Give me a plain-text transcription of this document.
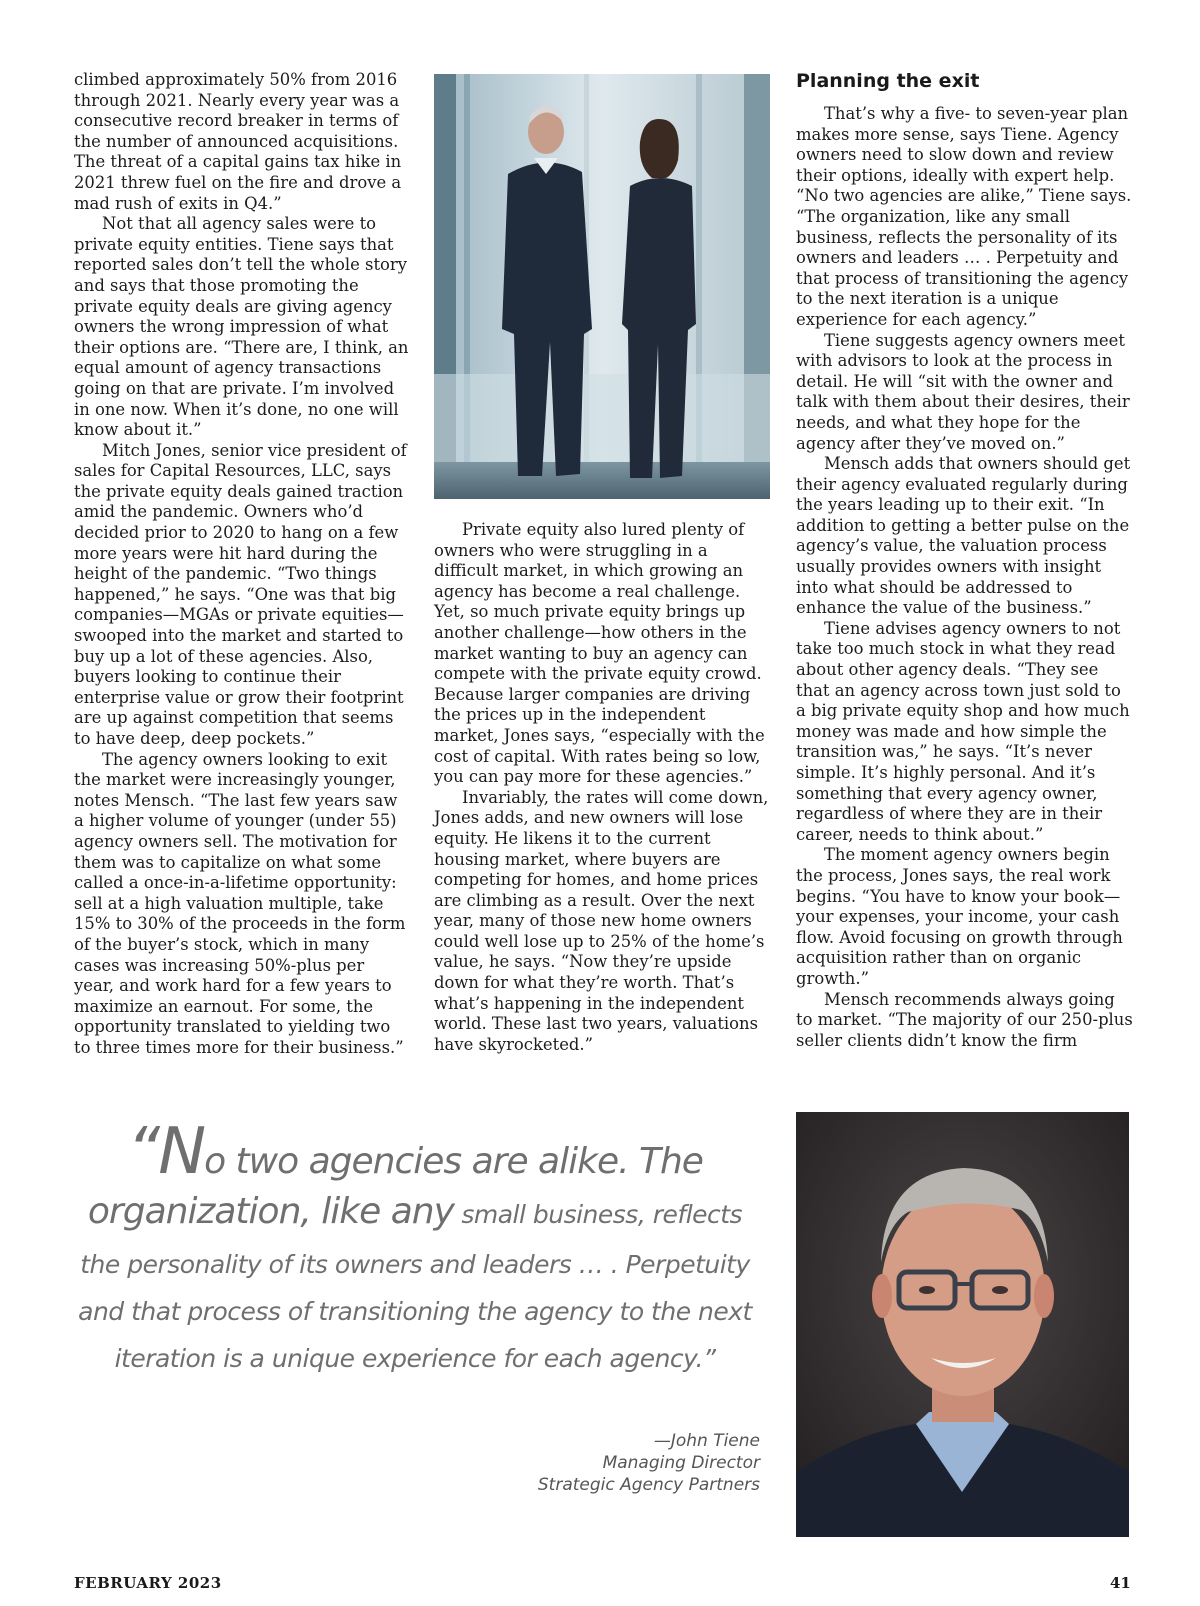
climbed approximately 50% from 2016 through 2021. Nearly every year was a consecutive record breaker in terms of the number of announced acquisitions. The threat of a capital gains tax hike in 2021 threw fuel on the fire and drove a mad rush of exits in Q4.”

Not that all agency sales were to private equity entities. Tiene says that reported sales don’t tell the whole story and says that those promoting the private equity deals are giving agency owners the wrong impression of what their options are. “There are, I think, an equal amount of agency transactions going on that are private. I’m involved in one now. When it’s done, no one will know about it.”

Mitch Jones, senior vice president of sales for Capital Resources, LLC, says the private equity deals gained traction amid the pandemic. Owners who’d decided prior to 2020 to hang on a few more years were hit hard during the height of the pandemic. “Two things happened,” he says. “One was that big companies—MGAs or private equities—swooped into the market and started to buy up a lot of these agencies. Also, buyers looking to continue their enterprise value or grow their footprint are up against competition that seems to have deep, deep pockets.”

The agency owners looking to exit the market were increasingly younger, notes Mensch. “The last few years saw a higher volume of younger (under 55) agency owners sell. The motivation for them was to capitalize on what some called a once-in-a-lifetime opportunity: sell at a high valuation multiple, take 15% to 30% of the proceeds in the form of the buyer’s stock, which in many cases was increasing 50%-plus per year, and work hard for a few years to maximize an earnout. For some, the opportunity translated to yielding two to three times more for their business.”

Private equity also lured plenty of owners who were struggling in a difficult market, in which growing an agency has become a real challenge. Yet, so much private equity brings up another challenge—how others in the market wanting to buy an agency can compete with the private equity crowd. Because larger companies are driving the prices up in the independent market, Jones says, “especially with the cost of capital. With rates being so low, you can pay more for these agencies.”

Invariably, the rates will come down, Jones adds, and new owners will lose equity. He likens it to the current housing market, where buyers are competing for homes, and home prices are climbing as a result. Over the next year, many of those new home owners could well lose up to 25% of the home’s value, he says. “Now they’re upside down for what they’re worth. That’s what’s happening in the independent world. These last two years, valuations have skyrocketed.”

Planning the exit

That’s why a five- to seven-year plan makes more sense, says Tiene. Agency owners need to slow down and review their options, ideally with expert help. “No two agencies are alike,” Tiene says. “The organization, like any small business, reflects the personality of its owners and leaders … . Perpetuity and that process of transitioning the agency to the next iteration is a unique experience for each agency.”

Tiene suggests agency owners meet with advisors to look at the process in detail. He will “sit with the owner and talk with them about their desires, their needs, and what they hope for the agency after they’ve moved on.”

Mensch adds that owners should get their agency evaluated regularly during the years leading up to their exit. “In addition to getting a better pulse on the agency’s value, the valuation process usually provides owners with insight into what should be addressed to enhance the value of the business.”

Tiene advises agency owners to not take too much stock in what they read about other agency deals. “They see that an agency across town just sold to a big private equity shop and how much money was made and how simple the transition was,” he says. “It’s never simple. It’s highly personal. And it’s something that every agency owner, regardless of where they are in their career, needs to think about.”

The moment agency owners begin the process, Jones says, the real work begins. “You have to know your book—your expenses, your income, your cash flow. Avoid focusing on growth through acquisition rather than on organic growth.”

Mensch recommends always going to market. “The majority of our 250-plus seller clients didn’t know the firm

“No two agencies are alike. The
organization, like any small business, reflects
the personality of its owners and leaders … . Perpetuity
and that process of transitioning the agency to the next
iteration is a unique experience for each agency.”
—John Tiene
Managing Director
Strategic Agency Partners
FEBRUARY 2023	41
